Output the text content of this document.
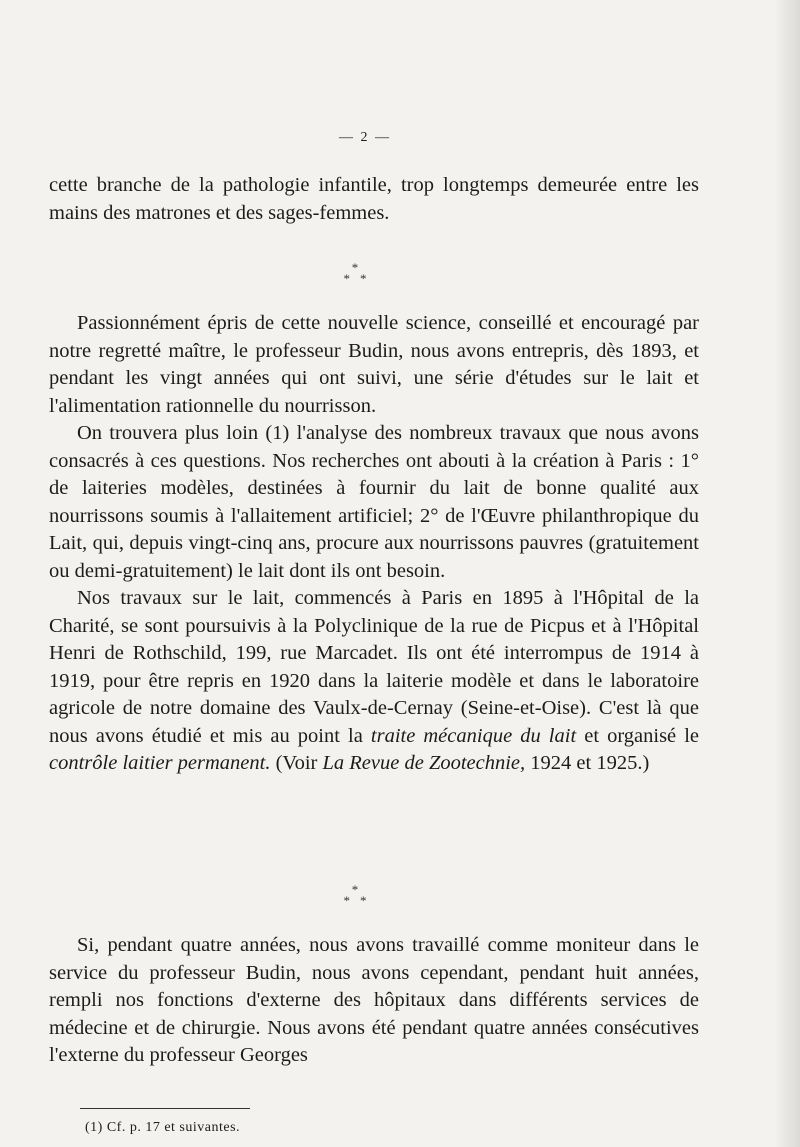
— 2 —

cette branche de la pathologie infantile, trop longtemps demeurée entre les mains des matrones et des sages-femmes.

*
**

Passionnément épris de cette nouvelle science, conseillé et encouragé par notre regretté maître, le professeur Budin, nous avons entrepris, dès 1893, et pendant les vingt années qui ont suivi, une série d'études sur le lait et l'alimentation rationnelle du nourrisson.

On trouvera plus loin (1) l'analyse des nombreux travaux que nous avons consacrés à ces questions. Nos recherches ont abouti à la création à Paris : 1° de laiteries modèles, destinées à fournir du lait de bonne qualité aux nourrissons soumis à l'allaitement artificiel; 2° de l'Œuvre philanthropique du Lait, qui, depuis vingt-cinq ans, procure aux nourrissons pauvres (gratuitement ou demi-gratuitement) le lait dont ils ont besoin.

Nos travaux sur le lait, commencés à Paris en 1895 à l'Hôpital de la Charité, se sont poursuivis à la Polyclinique de la rue de Picpus et à l'Hôpital Henri de Rothschild, 199, rue Marcadet. Ils ont été interrompus de 1914 à 1919, pour être repris en 1920 dans la laiterie modèle et dans le laboratoire agricole de notre domaine des Vaulx-de-Cernay (Seine-et-Oise). C'est là que nous avons étudié et mis au point la traite mécanique du lait et organisé le contrôle laitier permanent. (Voir La Revue de Zootechnie, 1924 et 1925.)

*
**

Si, pendant quatre années, nous avons travaillé comme moniteur dans le service du professeur Budin, nous avons cependant, pendant huit années, rempli nos fonctions d'externe des hôpitaux dans différents services de médecine et de chirurgie. Nous avons été pendant quatre années consécutives l'externe du professeur Georges

(1) Cf. p. 17 et suivantes.
